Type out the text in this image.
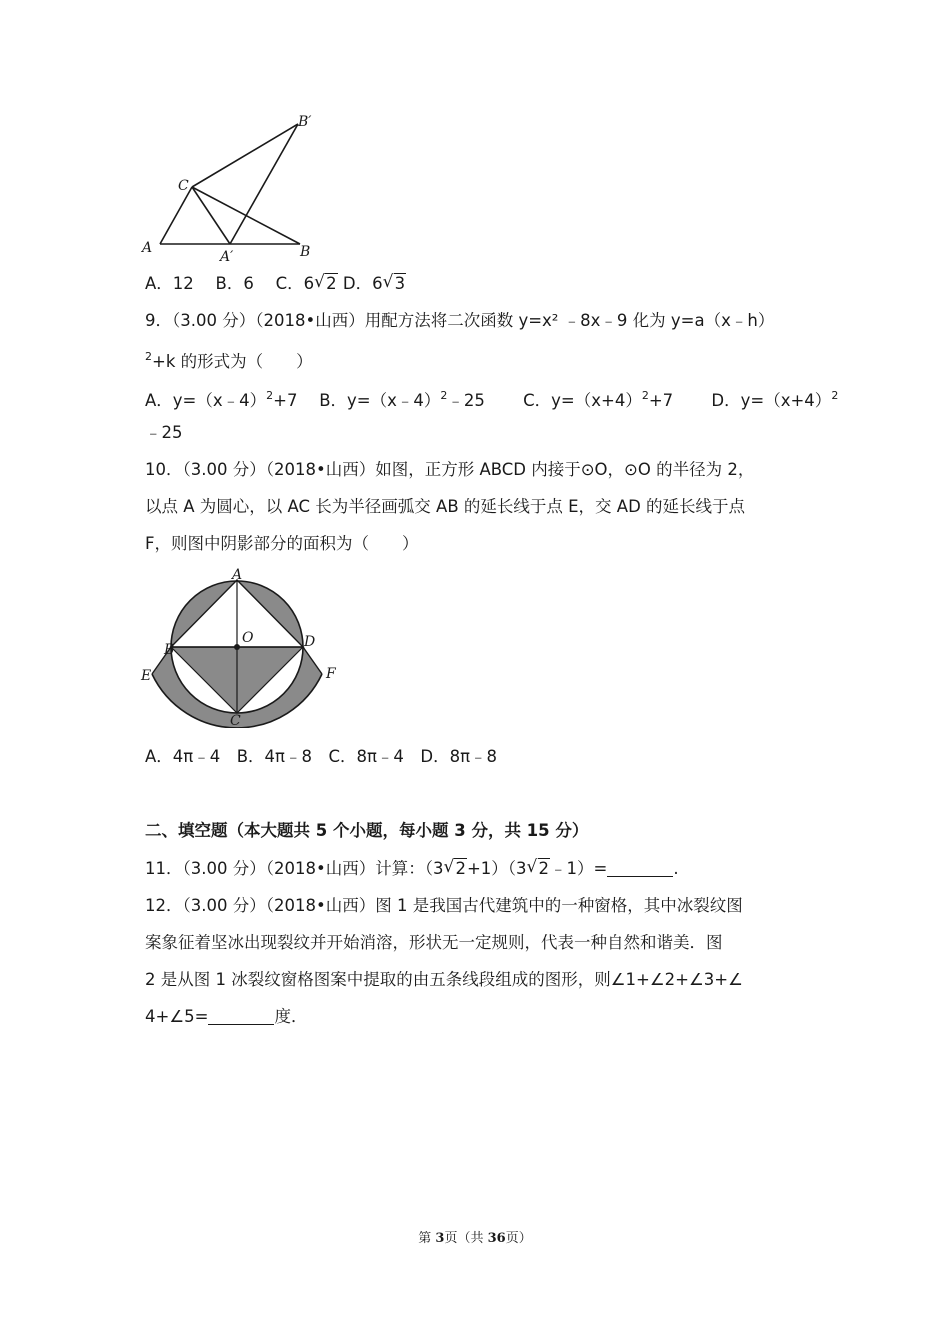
A	B
C
A′
B′
A．12　 B．6　 C．6 √ 2 D．6 √ 3
9．（3.00 分）（2018•山西）用配方法将二次函数 y=x² ﹣8x﹣9 化为 y=a（x﹣h）
$^2$+k 的形式为（　　）
A．y=（x﹣4）$^2$+7　 B．y=（x﹣4）$^2$﹣25　　 C．$y=(x+4)^2+7$　　 D．$y=(x+4)^2$
﹣25
10．（3.00 分）（2018•山西）如图，正方形 ABCD 内接于⊙O，⊙O 的半径为 2，
以点 A 为圆心，以 AC 长为半径画弧交 AB 的延长线于点 E，交 AD 的延长线于点
F，则图中阴影部分的面积为（　　）
A
B
C
D
E	F
O
A．4π﹣4　B．4π﹣8　C．8π﹣4　D．8π﹣8
二、填空题（本大题共 5 个小题，每小题 3 分，共 15 分）
11．（3.00 分）（2018•山西）计算：（3 √ 2+1）（3 √ 2﹣1）=	.
12．（3.00 分）（2018•山西）图 1 是我国古代建筑中的一种窗格，其中冰裂纹图
案象征着坚冰出现裂纹并开始消溶，形状无一定规则，代表一种自然和谐美．图
2 是从图 1 冰裂纹窗格图案中提取的由五条线段组成的图形，则∠1+∠2+∠3+∠
4+∠5=	度．
第 3页（共 36页）
